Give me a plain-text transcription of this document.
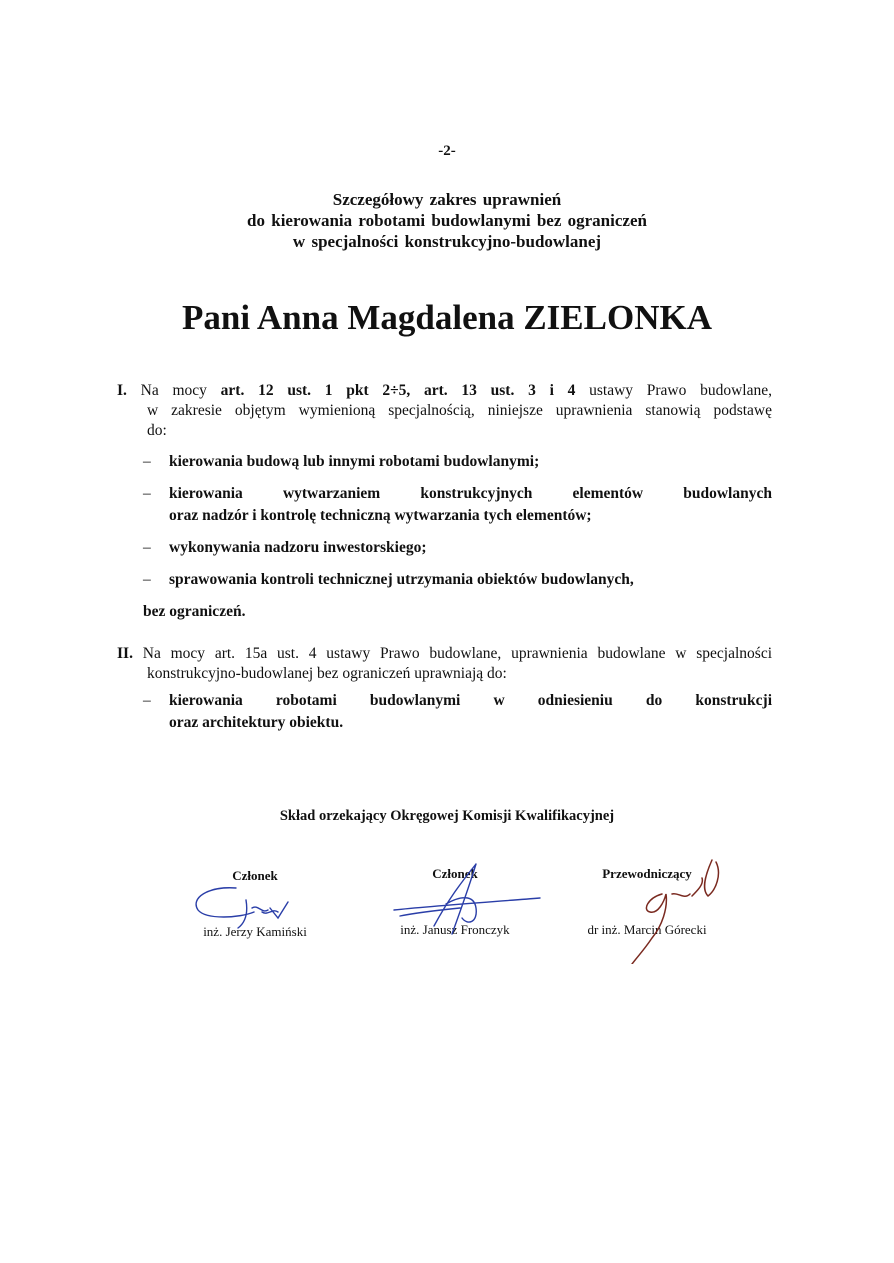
-2-
Szczegółowy zakres uprawnień
do kierowania robotami budowlanymi bez ograniczeń
w specjalności konstrukcyjno-budowlanej
Pani Anna Magdalena ZIELONKA
I. Na mocy art. 12 ust. 1 pkt 2÷5, art. 13 ust. 3 i 4 ustawy Prawo budowlane,
w zakresie objętym wymienioną specjalnością, niniejsze uprawnienia stanowią podstawę
do:
– kierowania budową lub innymi robotami budowlanymi;
– kierowania wytwarzaniem konstrukcyjnych elementów budowlanych
oraz nadzór i kontrolę techniczną wytwarzania tych elementów;
– wykonywania nadzoru inwestorskiego;
– sprawowania kontroli technicznej utrzymania obiektów budowlanych,
bez ograniczeń.
II. Na mocy art. 15a ust. 4 ustawy Prawo budowlane, uprawnienia budowlane w specjalności
konstrukcyjno-budowlanej bez ograniczeń uprawniają do:
– kierowania robotami budowlanymi w odniesieniu do konstrukcji
oraz architektury obiektu.
Skład orzekający Okręgowej Komisji Kwalifikacyjnej
Członek
inż. Jerzy Kamiński
Członek
inż. Janusz Fronczyk
Przewodniczący
dr inż. Marcin Górecki
